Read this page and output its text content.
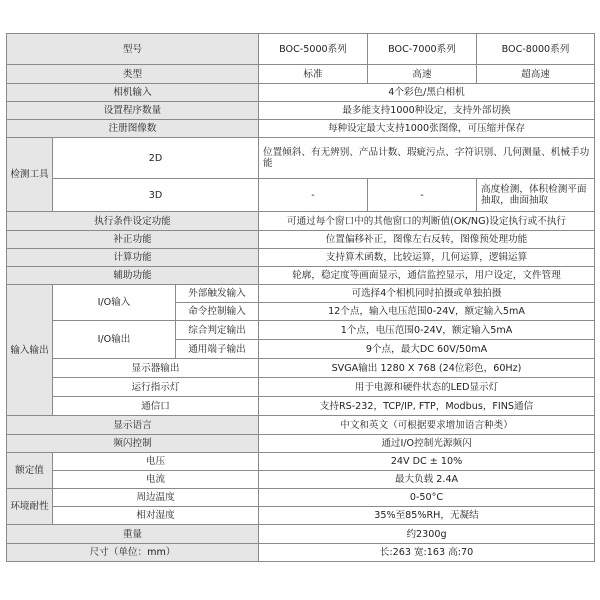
型号			BOC-5000系列	BOC-7000系列	BOC-8000系列
类型			标准	高速	超高速
相机输入			4个彩色/黑白相机		
设置程序数量			最多能支持1000种设定，支持外部切换		
注册图像数			每种设定最大支持1000张图像，可压缩并保存		
检测工具	2D		位置倾斜、有无辨别、产品计数、瑕疵污点、字符识别、几何测量、机械手功能		
	3D		-	-	高度检测，体积检测平面抽取，曲面抽取
执行条件设定功能			可通过每个窗口中的其他窗口的判断值(OK/NG)设定执行或不执行		
补正功能			位置偏移补正，图像左右反转，图像预处理功能		
计算功能			支持算术函数，比较运算，几何运算，逻辑运算		
辅助功能			轮廓，稳定度等画面显示，通信监控显示，用户设定，文件管理		
输入输出	I/O输入	外部触发输入	可选择4个相机同时拍摄或单独拍摄		
		命令控制输入	12个点，输入电压范围0-24V，额定输入5mA		
	I/O输出	综合判定输出	1个点，电压范围0-24V，额定输入5mA		
		通用端子输出	9个点，最大DC 60V/50mA		
	显示器输出		SVGA输出 1280 X 768 (24位彩色，60Hz)		
	运行指示灯		用于电源和硬件状态的LED显示灯		
	通信口		支持RS-232，TCP/IP, FTP，Modbus，FINS通信		
显示语言			中文和英文（可根据要求增加语言种类）		
频闪控制			通过I/O控制光源频闪		
额定值	电压		24V DC ± 10%		
	电流		最大负载 2.4A		
环境耐性	周边温度		0-50°C		
	相对湿度		35%至85%RH，无凝结		
重量			约2300g		
尺寸（单位：mm）			长:263 宽:163 高:70		
